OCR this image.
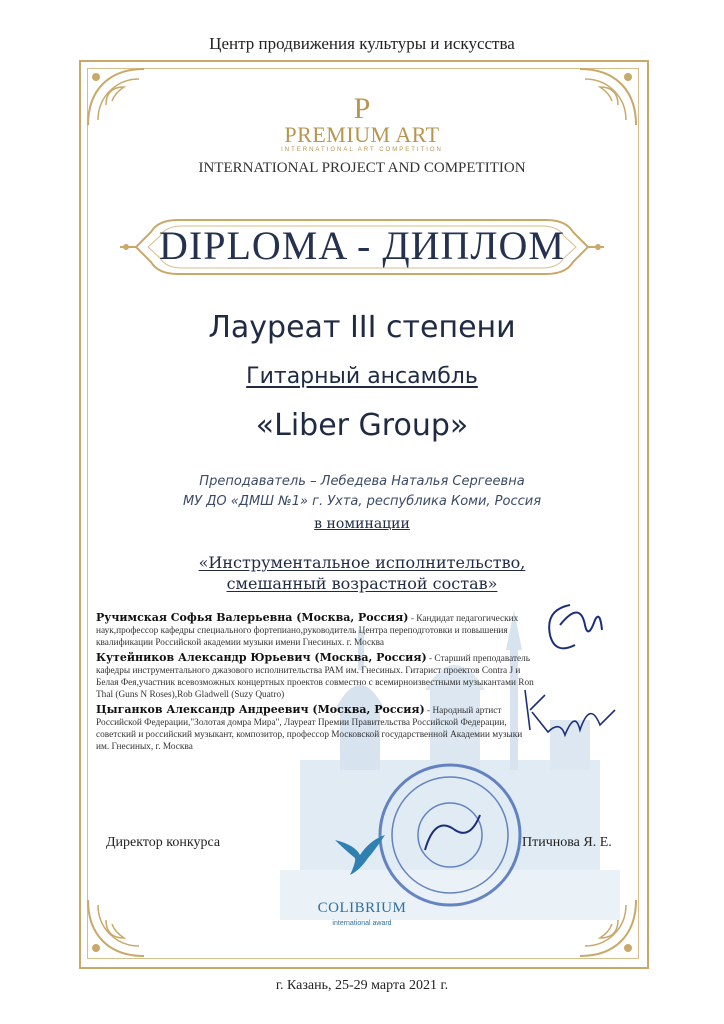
Центр продвижения культуры и искусства
P
PREMIUM ART
INTERNATIONAL ART COMPETITION
INTERNATIONAL PROJECT AND COMPETITION
DIPLOMA - ДИПЛОМ
Лауреат III степени
Гитарный ансамбль
«Liber Group»
Преподаватель – Лебедева Наталья Сергеевна
МУ ДО «ДМШ №1» г. Ухта, республика Коми, Россия
в номинации
«Инструментальное исполнительство,
смешанный возрастной состав»
Ручимская Софья Валерьевна (Москва, Россия) - Кандидат педагогических наук,профессор кафедры специального фортепиано,руководитель Центра переподготовки и повышения квалификации Российской академии музыки имени Гнесиных. г. Москва
Кутейников Александр Юрьевич (Москва, Россия) - Старший преподаватель кафедры инструментального джазового исполнительства РАМ им. Гнесиных. Гитарист проектов Contra J и Белая Фея,участник всевозможных концертных проектов совместно с всемирноизвестными музыкантами Ron Thal (Guns N Roses),Rob Gladwell (Suzy Quatro)
Цыганков Александр Андреевич (Москва, Россия) - Народный артист Российской Федерации,"Золотая домра Мира", Лауреат Премии Правительства Российской Федерации, советский и российский музыкант, композитор, профессор Московской государственной Академии музыки им. Гнесиных, г. Москва
Директор конкурса	Птичнова Я. Е.
COLIBRIUM
international award
г. Казань, 25-29 марта 2021 г.
